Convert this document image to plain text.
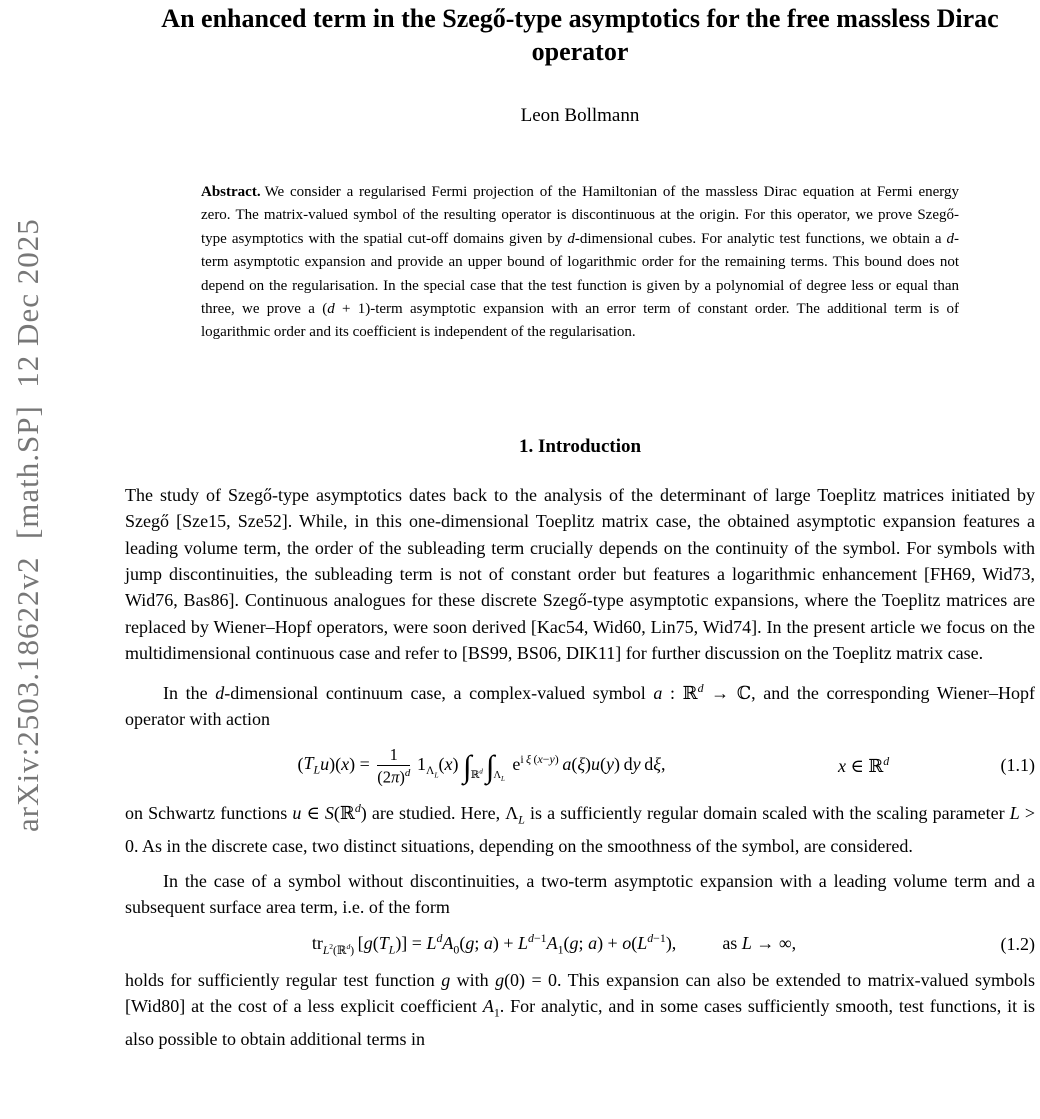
arXiv:2503.18622v2  [math.SP]  12 Dec 2025
An enhanced term in the Szegő-type asymptotics for the free massless Dirac operator
Leon Bollmann
Abstract. We consider a regularised Fermi projection of the Hamiltonian of the massless Dirac equation at Fermi energy zero. The matrix-valued symbol of the resulting operator is discontinuous at the origin. For this operator, we prove Szegő-type asymptotics with the spatial cut-off domains given by d-dimensional cubes. For analytic test functions, we obtain a d-term asymptotic expansion and provide an upper bound of logarithmic order for the remaining terms. This bound does not depend on the regularisation. In the special case that the test function is given by a polynomial of degree less or equal than three, we prove a (d + 1)-term asymptotic expansion with an error term of constant order. The additional term is of logarithmic order and its coefficient is independent of the regularisation.
1. Introduction

The study of Szegő-type asymptotics dates back to the analysis of the determinant of large Toeplitz matrices initiated by Szegő [Sze15, Sze52]. While, in this one-dimensional Toeplitz matrix case, the obtained asymptotic expansion features a leading volume term, the order of the subleading term crucially depends on the continuity of the symbol. For symbols with jump discontinuities, the subleading term is not of constant order but features a logarithmic enhancement [FH69, Wid73, Wid76, Bas86]. Continuous analogues for these discrete Szegő-type asymptotic expansions, where the Toeplitz matrices are replaced by Wiener–Hopf operators, were soon derived [Kac54, Wid60, Lin75, Wid74]. In the present article we focus on the multidimensional continuous case and refer to [BS99, BS06, DIK11] for further discussion on the Toeplitz matrix case.

In the d-dimensional continuum case, a complex-valued symbol a : ℝ$^d$ → ℂ, and the corresponding Wiener–Hopf operator with action

$(T_Lu)(x) = \frac{1}{(2\pi)^d} 1_{\Lambda_L}(x)$ $\int_{ℝ^d}\int_{\Lambda_L}$ $e^{i \xi (x-y)}$  a(ξ)u(y) dy dξ,	x ∈ ℝ$^d$	(1.1)

on Schwartz functions u ∈ S(ℝ$^d$) are studied. Here, $\Lambda_L$ is a sufficiently regular domain scaled with the scaling parameter L > 0. As in the discrete case, two distinct situations, depending on the smoothness of the symbol, are considered.

In the case of a symbol without discontinuities, a two-term asymptotic expansion with a leading volume term and a subsequent surface area term, i.e. of the form

$tr_{L^2(ℝ^d)}$ $[g(T_L)] = L^dA_0(g$; $a) + L^{d-1}A_1(g$; $a) + o(L^{d-1})$,	as L → ∞,	(1.2)

holds for sufficiently regular test function g with g(0) = 0. This expansion can also be extended to matrix-valued symbols [Wid80] at the cost of a less explicit coefficient $A_1$. For analytic, and in some cases sufficiently smooth, test functions, it is also possible to obtain additional terms in
